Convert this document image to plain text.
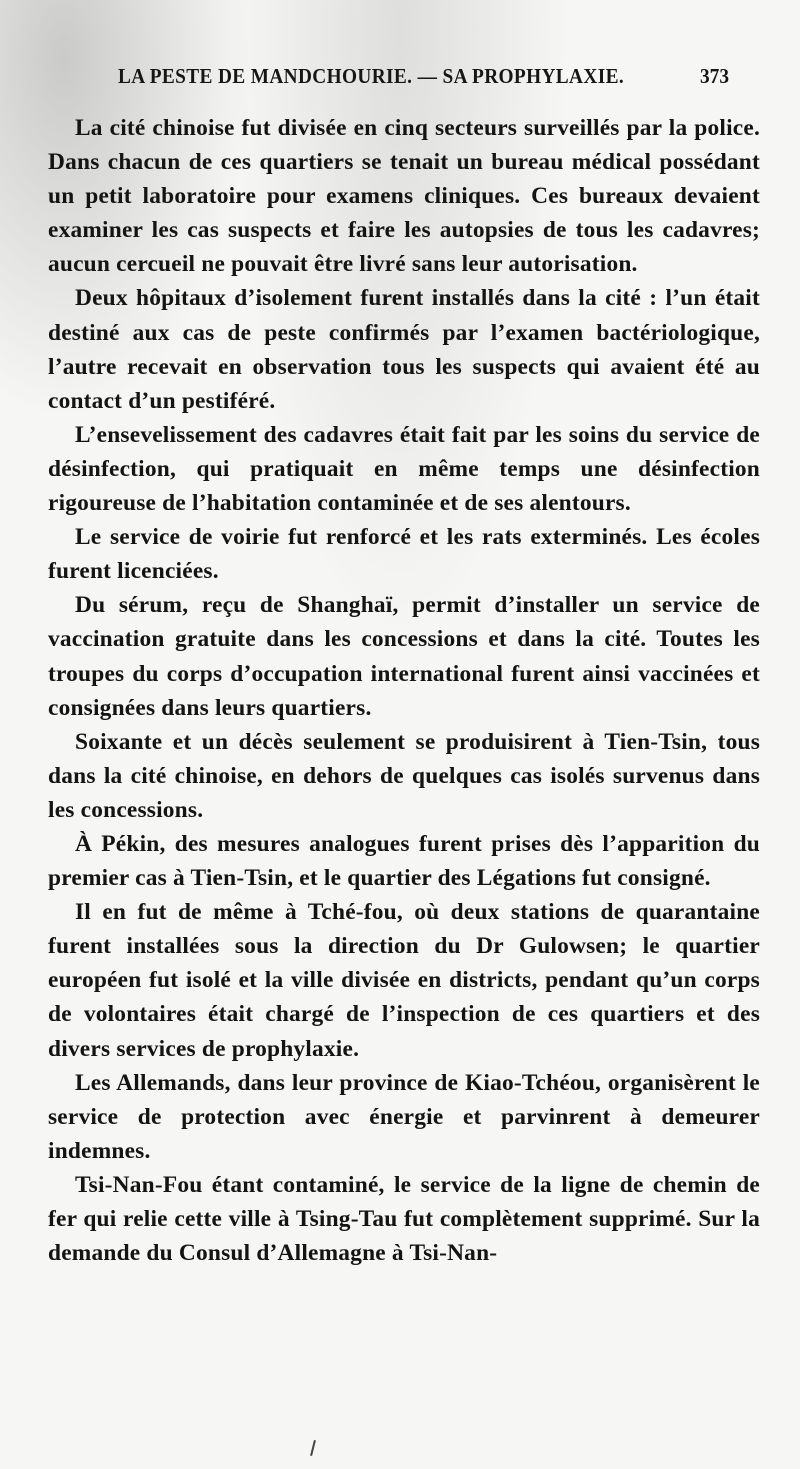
LA PESTE DE MANDCHOURIE. — SA PROPHYLAXIE.	373

La cité chinoise fut divisée en cinq secteurs surveillés par la police. Dans chacun de ces quartiers se tenait un bureau médical possédant un petit laboratoire pour examens cliniques. Ces bureaux devaient examiner les cas suspects et faire les autopsies de tous les cadavres; aucun cercueil ne pouvait être livré sans leur autorisation.

Deux hôpitaux d’isolement furent installés dans la cité : l’un était destiné aux cas de peste confirmés par l’examen bactériologique, l’autre recevait en observation tous les suspects qui avaient été au contact d’un pestiféré.

L’ensevelissement des cadavres était fait par les soins du service de désinfection, qui pratiquait en même temps une désinfection rigoureuse de l’habitation contaminée et de ses alentours.

Le service de voirie fut renforcé et les rats exterminés. Les écoles furent licenciées.

Du sérum, reçu de Shanghaï, permit d’installer un service de vaccination gratuite dans les concessions et dans la cité. Toutes les troupes du corps d’occupation international furent ainsi vaccinées et consignées dans leurs quartiers.

Soixante et un décès seulement se produisirent à Tien-Tsin, tous dans la cité chinoise, en dehors de quelques cas isolés survenus dans les concessions.

À Pékin, des mesures analogues furent prises dès l’apparition du premier cas à Tien-Tsin, et le quartier des Légations fut consigné.

Il en fut de même à Tché-fou, où deux stations de quarantaine furent installées sous la direction du Dr Gulowsen; le quartier européen fut isolé et la ville divisée en districts, pendant qu’un corps de volontaires était chargé de l’inspection de ces quartiers et des divers services de prophylaxie.

Les Allemands, dans leur province de Kiao-Tchéou, organisèrent le service de protection avec énergie et parvinrent à demeurer indemnes.

Tsi-Nan-Fou étant contaminé, le service de la ligne de chemin de fer qui relie cette ville à Tsing-Tau fut complètement supprimé. Sur la demande du Consul d’Allemagne à Tsi-Nan-
